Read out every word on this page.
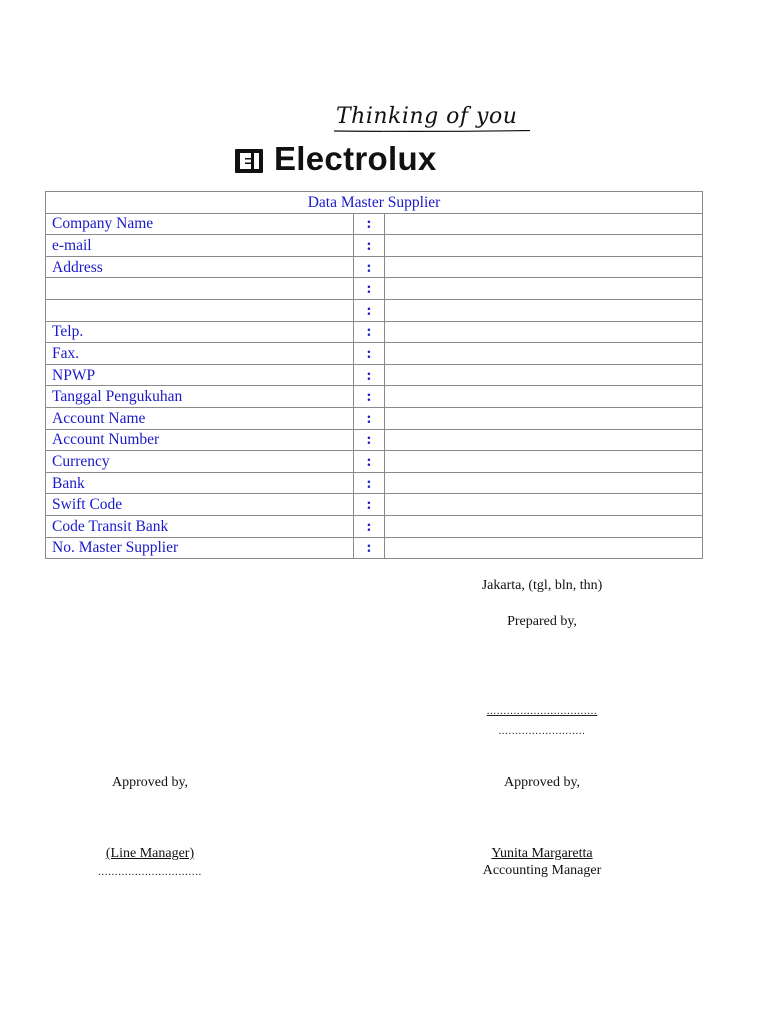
Thinking of you
Electrolux
Data Master Supplier		
Company Name	:	
e-mail	:	
Address	:	
	:	
	:	
Telp.	:	
Fax.	:	
NPWP	:	
Tanggal Pengukuhan	:	
Account Name	:	
Account Number	:	
Currency	:	
Bank	:	
Swift Code	:	
Code Transit Bank	:	
No. Master Supplier	:	
Jakarta, (tgl, bln, thn)
Prepared by,
.................................
..........................
Approved by,	Approved by,
(Line Manager)
...............................
Yunita Margaretta
Accounting Manager
